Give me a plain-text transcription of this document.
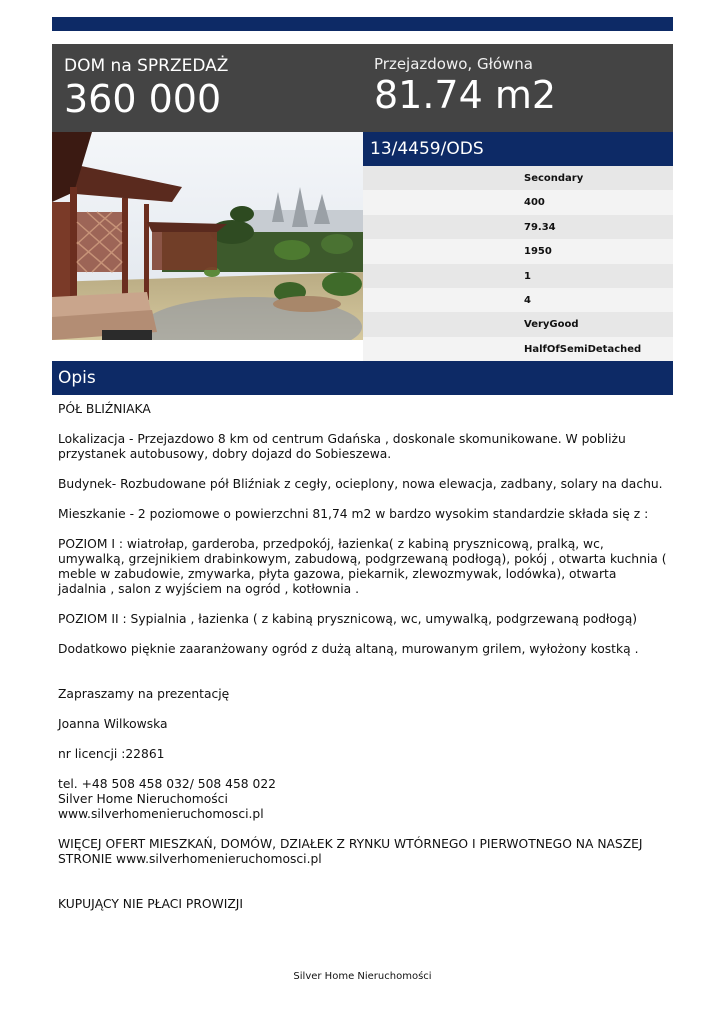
DOM na SPRZEDAŻ
360 000
Przejazdowo, Główna
81.74 m2
13/4459/ODS
Secondary
400
79.34
1950
1
4
VeryGood
HalfOfSemiDetached
Opis

PÓŁ BLIŹNIAKA

Lokalizacja - Przejazdowo 8 km od centrum Gdańska , doskonale skomunikowane. W pobliżu przystanek autobusowy, dobry dojazd do Sobieszewa.

Budynek- Rozbudowane pół Bliźniak z cegły, ocieplony, nowa elewacja, zadbany, solary na dachu.

Mieszkanie - 2 poziomowe o powierzchni 81,74 m2 w bardzo wysokim standardzie składa się z :

POZIOM I : wiatrołap, garderoba, przedpokój, łazienka( z kabiną prysznicową, pralką, wc, umywalką, grzejnikiem drabinkowym, zabudową, podgrzewaną podłogą), pokój , otwarta kuchnia ( meble w zabudowie, zmywarka, płyta gazowa, piekarnik, zlewozmywak, lodówka), otwarta jadalnia , salon z wyjściem na ogród , kotłownia .

POZIOM II : Sypialnia , łazienka ( z kabiną prysznicową, wc, umywalką, podgrzewaną podłogą)

Dodatkowo pięknie zaaranżowany ogród z dużą altaną, murowanym grilem, wyłożony kostką .

Zapraszamy na prezentację

Joanna Wilkowska

nr licencji :22861

tel. +48 508 458 032/ 508 458 022
Silver Home Nieruchomości
www.silverhomenieruchomosci.pl

WIĘCEJ OFERT MIESZKAŃ, DOMÓW, DZIAŁEK Z RYNKU WTÓRNEGO I PIERWOTNEGO NA NASZEJ STRONIE www.silverhomenieruchomosci.pl

KUPUJĄCY NIE PŁACI PROWIZJI

Silver Home Nieruchomości
